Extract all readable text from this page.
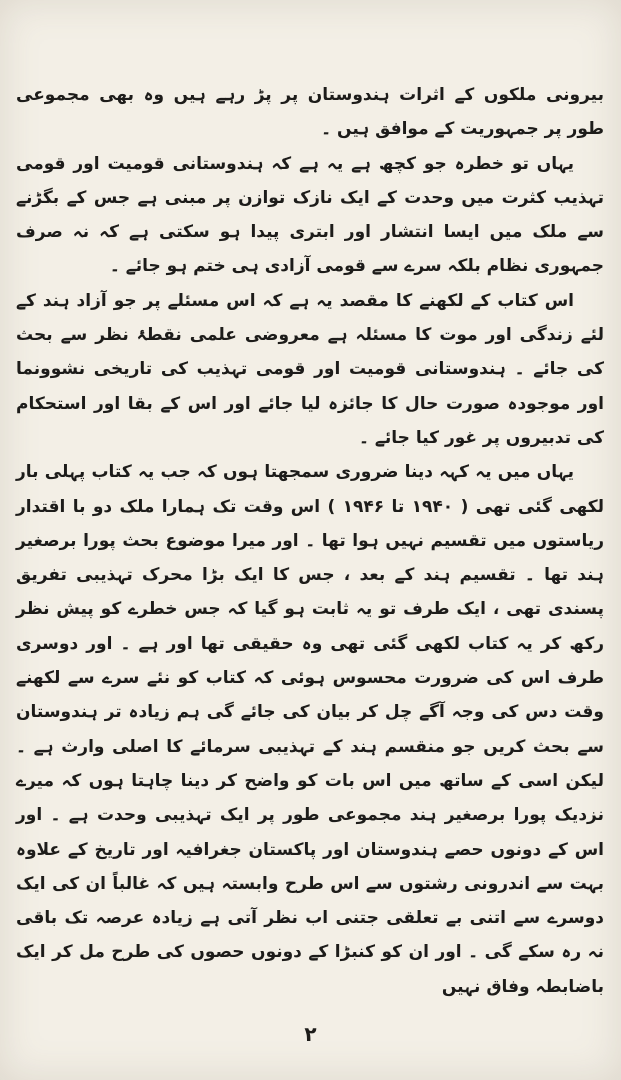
بیرونی ملکوں کے اثرات ہندوستان پر پڑ رہے ہیں وہ بھی مجموعی طور پر جمہوریت کے موافق ہیں ۔

یہاں تو خطرہ جو کچھ ہے یہ ہے کہ ہندوستانی قومیت اور قومی تہذیب کثرت میں وحدت کے ایک نازک توازن پر مبنی ہے جس کے بگڑنے سے ملک میں ایسا انتشار اور ابتری پیدا ہو سکتی ہے کہ نہ صرف جمہوری نظام بلکہ سرے سے قومی آزادی ہی ختم ہو جائے ۔

اس کتاب کے لکھنے کا مقصد یہ ہے کہ اس مسئلے پر جو آزاد ہند کے لئے زندگی اور موت کا مسئلہ ہے معروضی علمی نقطۂ نظر سے بحث کی جائے ۔ ہندوستانی قومیت اور قومی تہذیب کی تاریخی نشوونما اور موجودہ صورت حال کا جائزہ لیا جائے اور اس کے بقا اور استحکام کی تدبیروں پر غور کیا جائے ۔

یہاں میں یہ کہہ دینا ضروری سمجھتا ہوں کہ جب یہ کتاب پہلی بار لکھی گئی تھی ( ۱۹۴۰ تا ۱۹۴۶ ) اس وقت تک ہمارا ملک دو با اقتدار ریاستوں میں تقسیم نہیں ہوا تھا ۔ اور میرا موضوع بحث پورا برصغیر ہند تھا ۔ تقسیم ہند کے بعد ، جس کا ایک بڑا محرک تہذیبی تفریق پسندی تھی ، ایک طرف تو یہ ثابت ہو گیا کہ جس خطرے کو پیش نظر رکھ کر یہ کتاب لکھی گئی تھی وہ حقیقی تھا اور ہے ۔ اور دوسری طرف اس کی ضرورت محسوس ہوئی کہ کتاب کو نئے سرے سے لکھنے وقت دس کی وجہ آگے چل کر بیان کی جائے گی ہم زیادہ تر ہندوستان سے بحث کریں جو منقسم ہند کے تہذیبی سرمائے کا اصلی وارث ہے ۔ لیکن اسی کے ساتھ میں اس بات کو واضح کر دینا چاہتا ہوں کہ میرے نزدیک پورا برصغیر ہند مجموعی طور پر ایک تہذیبی وحدت ہے ۔ اور اس کے دونوں حصے ہندوستان اور پاکستان جغرافیہ اور تاریخ کے علاوہ بہت سے اندرونی رشتوں سے اس طرح وابستہ ہیں کہ غالباً ان کی ایک دوسرے سے اتنی بے تعلقی جتنی اب نظر آتی ہے زیادہ عرصہ تک باقی نہ رہ سکے گی ۔ اور ان کو کنبڑا کے دونوں حصوں کی طرح مل کر ایک باضابطہ وفاق نہیں

۲
